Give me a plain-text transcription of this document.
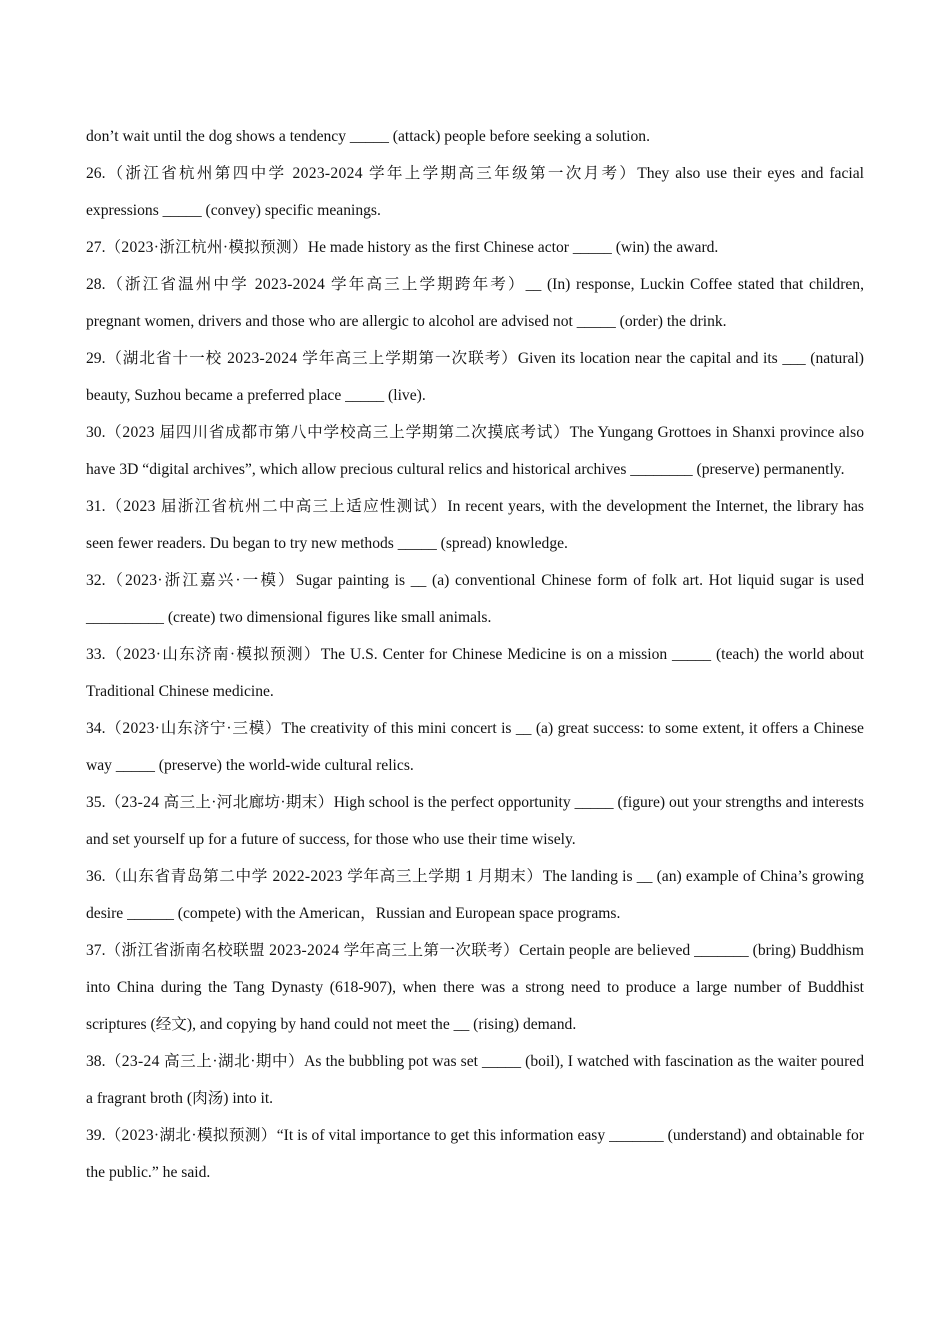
don’t wait until the dog shows a tendency _____ (attack) people before seeking a solution.

26.（浙江省杭州第四中学 2023-2024 学年上学期高三年级第一次月考）They also use their eyes and facial expressions _____ (convey) specific meanings.

27.（2023·浙江杭州·模拟预测）He made history as the first Chinese actor _____ (win) the award.

28.（浙江省温州中学 2023-2024 学年高三上学期跨年考）__ (In) response, Luckin Coffee stated that children, pregnant women, drivers and those who are allergic to alcohol are advised not _____ (order) the drink.

29.（湖北省十一校 2023-2024 学年高三上学期第一次联考）Given its location near the capital and its ___ (natural) beauty, Suzhou became a preferred place _____ (live).

30.（2023 届四川省成都市第八中学校高三上学期第二次摸底考试）The Yungang Grottoes in Shanxi province also have 3D “digital archives”, which allow precious cultural relics and historical archives ________ (preserve) permanently.

31.（2023 届浙江省杭州二中高三上适应性测试）In recent years, with the development the Internet, the library has seen fewer readers. Du began to try new methods _____ (spread) knowledge.

32.（2023·浙江嘉兴·一模）Sugar painting is __ (a) conventional Chinese form of folk art. Hot liquid sugar is used __________ (create) two dimensional figures like small animals.

33.（2023·山东济南·模拟预测）The U.S. Center for Chinese Medicine is on a mission _____ (teach) the world about Traditional Chinese medicine.

34.（2023·山东济宁·三模）The creativity of this mini concert is __ (a) great success: to some extent, it offers a Chinese way _____ (preserve) the world-wide cultural relics.

35.（23-24 高三上·河北廊坊·期末）High school is the perfect opportunity _____ (figure) out your strengths and interests and set yourself up for a future of success, for those who use their time wisely.

36.（山东省青岛第二中学 2022-2023 学年高三上学期 1 月期末）The landing is __ (an) example of China’s growing desire ______ (compete) with the American，Russian and European space programs.

37.（浙江省浙南名校联盟 2023-2024 学年高三上第一次联考）Certain people are believed _______ (bring) Buddhism into China during the Tang Dynasty (618-907), when there was a strong need to produce a large number of Buddhist scriptures (经文), and copying by hand could not meet the __ (rising) demand.

38.（23-24 高三上·湖北·期中）As the bubbling pot was set _____ (boil), I watched with fascination as the waiter poured a fragrant broth (肉汤) into it.

39.（2023·湖北·模拟预测）“It is of vital importance to get this information easy _______ (understand) and obtainable for the public.” he said.
